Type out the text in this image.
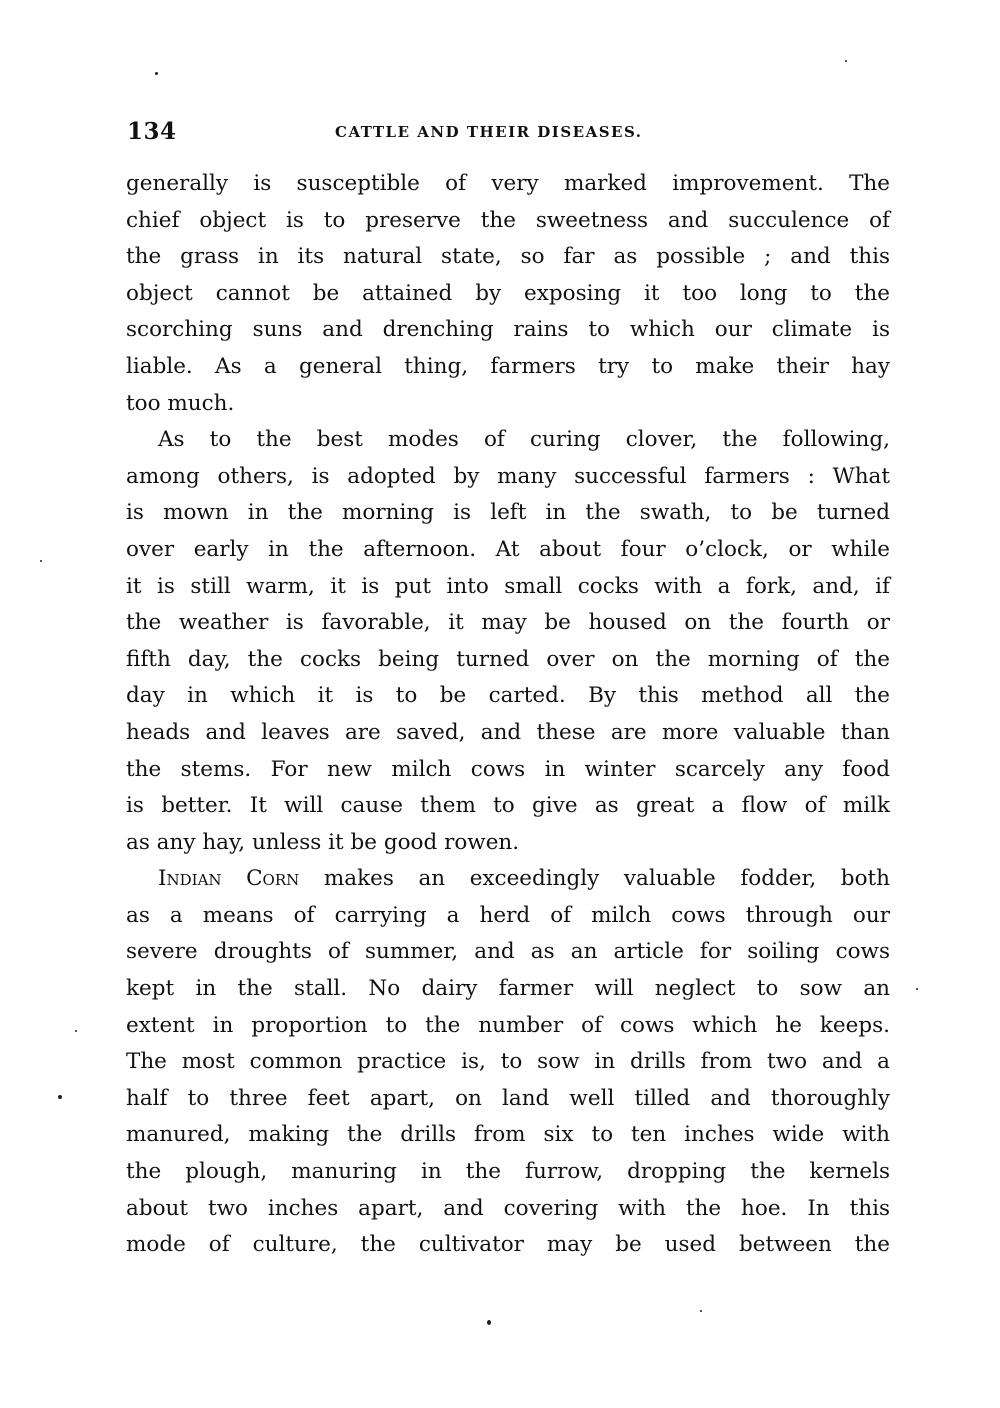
134	CATTLE AND THEIR DISEASES.
generally is susceptible of very marked improvement. The
chief object is to preserve the sweetness and succulence of
the grass in its natural state, so far as possible ; and this
object cannot be attained by exposing it too long to the
scorching suns and drenching rains to which our climate is
liable. As a general thing, farmers try to make their hay
too much.
As to the best modes of curing clover, the following,
among others, is adopted by many successful farmers : What
is mown in the morning is left in the swath, to be turned
over early in the afternoon. At about four o’clock, or while
it is still warm, it is put into small cocks with a fork, and, if
the weather is favorable, it may be housed on the fourth or
fifth day, the cocks being turned over on the morning of the
day in which it is to be carted. By this method all the
heads and leaves are saved, and these are more valuable than
the stems. For new milch cows in winter scarcely any food
is better. It will cause them to give as great a flow of milk
as any hay, unless it be good rowen.
Indian Corn makes an exceedingly valuable fodder, both
as a means of carrying a herd of milch cows through our
severe droughts of summer, and as an article for soiling cows
kept in the stall. No dairy farmer will neglect to sow an
extent in proportion to the number of cows which he keeps.
The most common practice is, to sow in drills from two and a
half to three feet apart, on land well tilled and thoroughly
manured, making the drills from six to ten inches wide with
the plough, manuring in the furrow, dropping the kernels
about two inches apart, and covering with the hoe. In this
mode of culture, the cultivator may be used between the
